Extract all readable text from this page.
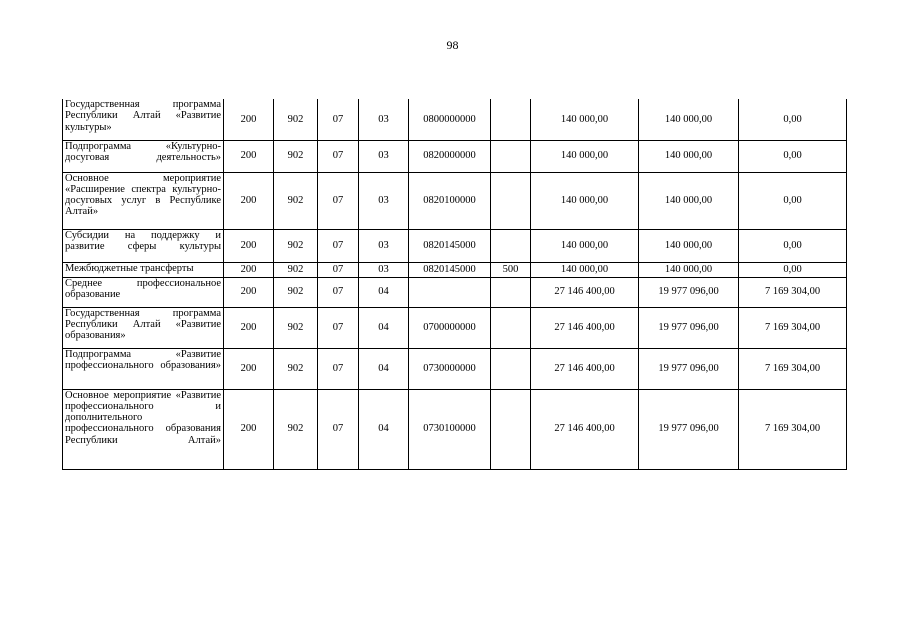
98
Государственная программа Республики Алтай «Развитие культуры»	200	902	07	03	0800000000		140 000,00	140 000,00	0,00
Подпрограмма «Культурно-досуговая деятельность»	200	902	07	03	0820000000		140 000,00	140 000,00	0,00
Основное мероприятие «Расширение спектра культурно-досуговых услуг в Республике Алтай»	200	902	07	03	0820100000		140 000,00	140 000,00	0,00
Субсидии на поддержку и развитие сферы культуры	200	902	07	03	0820145000		140 000,00	140 000,00	0,00
Межбюджетные трансферты	200	902	07	03	0820145000	500	140 000,00	140 000,00	0,00
Среднее профессиональное образование	200	902	07	04			27 146 400,00	19 977 096,00	7 169 304,00
Государственная программа Республики Алтай «Развитие образования»	200	902	07	04	0700000000		27 146 400,00	19 977 096,00	7 169 304,00
Подпрограмма «Развитие профессионального образования»	200	902	07	04	0730000000		27 146 400,00	19 977 096,00	7 169 304,00
Основное мероприятие «Развитие профессионального и дополнительного профессионального образования Республики Алтай»	200	902	07	04	0730100000		27 146 400,00	19 977 096,00	7 169 304,00
